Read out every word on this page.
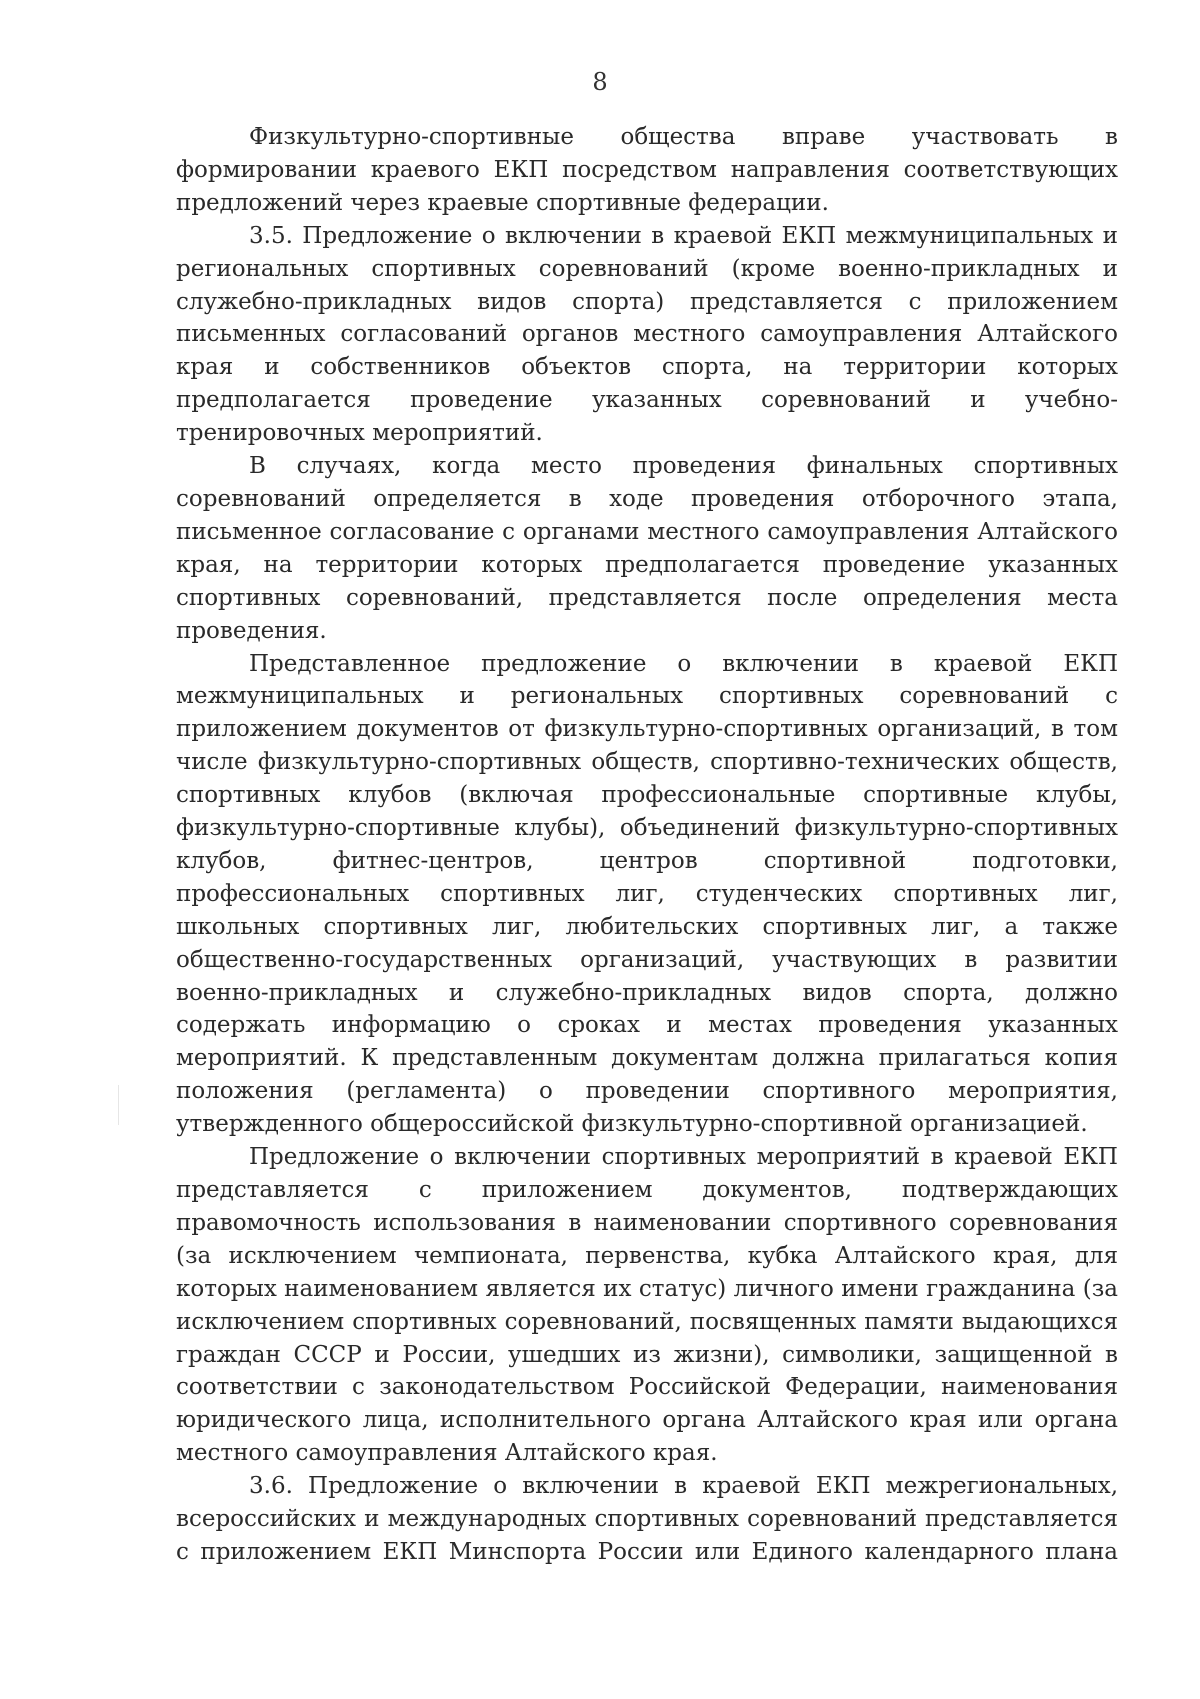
8

Физкультурно-спортивные общества вправе участвовать в формировании краевого ЕКП посредством направления соответствующих предложений через краевые спортивные федерации.

3.5. Предложение о включении в краевой ЕКП межмуниципальных и региональных спортивных соревнований (кроме военно-прикладных и служебно-прикладных видов спорта) представляется с приложением письменных согласований органов местного самоуправления Алтайского края и собственников объектов спорта, на территории которых предполагается проведение указанных соревнований и учебно-тренировочных мероприятий.

В случаях, когда место проведения финальных спортивных соревнований определяется в ходе проведения отборочного этапа, письменное согласование с органами местного самоуправления Алтайского края, на территории которых предполагается проведение указанных спортивных соревнований, представляется после определения места проведения.

Представленное предложение о включении в краевой ЕКП межмуниципальных и региональных спортивных соревнований с приложением документов от физкультурно-спортивных организаций, в том числе физкультурно-спортивных обществ, спортивно-технических обществ, спортивных клубов (включая профессиональные спортивные клубы, физкультурно-спортивные клубы), объединений физкультурно-спортивных клубов, фитнес-центров, центров спортивной подготовки, профессиональных спортивных лиг, студенческих спортивных лиг, школьных спортивных лиг, любительских спортивных лиг, а также общественно-государственных организаций, участвующих в развитии военно-прикладных и служебно-прикладных видов спорта, должно содержать информацию о сроках и местах проведения указанных мероприятий. К представленным документам должна прилагаться копия положения (регламента) о проведении спортивного мероприятия, утвержденного общероссийской физкультурно-спортивной организацией.

Предложение о включении спортивных мероприятий в краевой ЕКП представляется с приложением документов, подтверждающих правомочность использования в наименовании спортивного соревнования (за исключением чемпионата, первенства, кубка Алтайского края, для которых наименованием является их статус) личного имени гражданина (за исключением спортивных соревнований, посвященных памяти выдающихся граждан СССР и России, ушедших из жизни), символики, защищенной в соответствии с законодательством Российской Федерации, наименования юридического лица, исполнительного органа Алтайского края или органа местного самоуправления Алтайского края.

3.6. Предложение о включении в краевой ЕКП межрегиональных, всероссийских и международных спортивных соревнований представляется с приложением ЕКП Минспорта России или Единого календарного плана
